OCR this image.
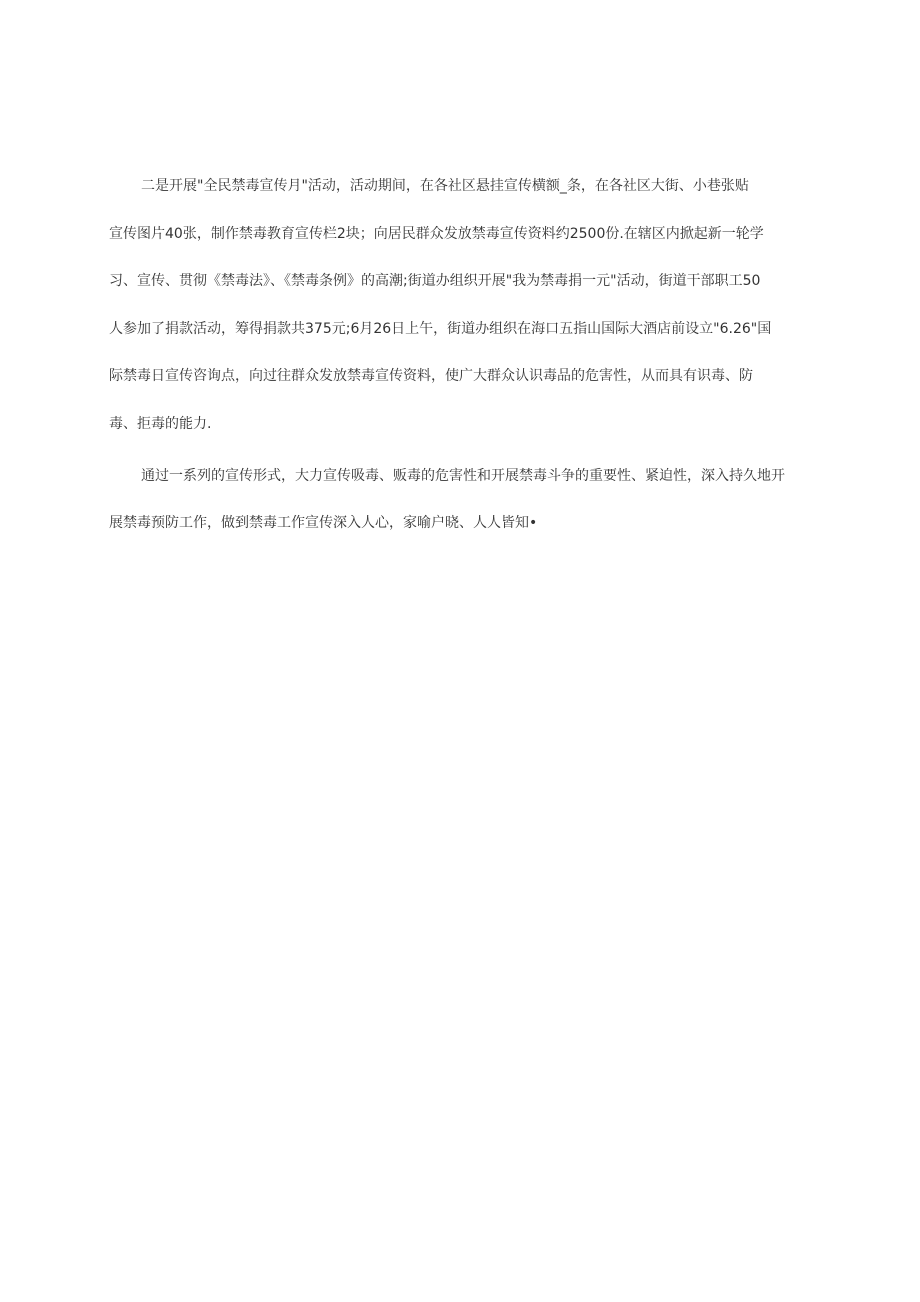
二是开展"全民禁毒宣传月"活动，活动期间，在各社区悬挂宣传横额_条，在各社区大街、小巷张贴
宣传图片40张，制作禁毒教育宣传栏2块；向居民群众发放禁毒宣传资料约2500份.在辖区内掀起新一轮学
习、宣传、贯彻《禁毒法》、《禁毒条例》的高潮;街道办组织开展"我为禁毒捐一元"活动，街道干部职工50
人参加了捐款活动，筹得捐款共375元;6月26日上午，街道办组织在海口五指山国际大酒店前设立"6.26"国
际禁毒日宣传咨询点，向过往群众发放禁毒宣传资料，使广大群众认识毒品的危害性，从而具有识毒、防
毒、拒毒的能力.

通过一系列的宣传形式，大力宣传吸毒、贩毒的危害性和开展禁毒斗争的重要性、紧迫性，深入持久地开
展禁毒预防工作，做到禁毒工作宣传深入人心，家喻户晓、人人皆知•
